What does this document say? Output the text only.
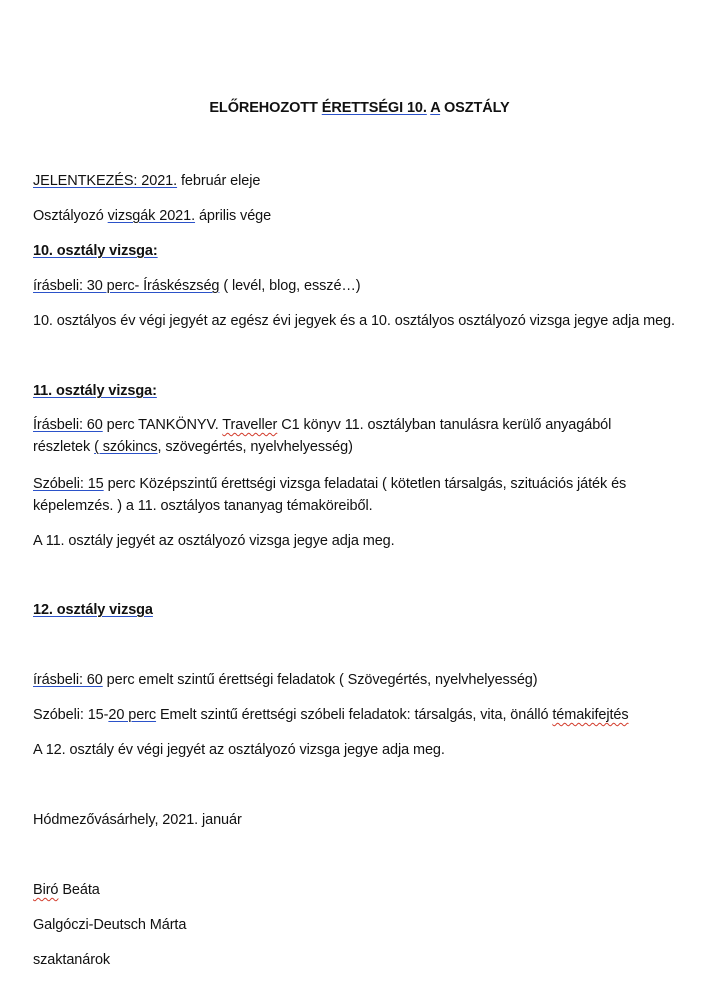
ELŐREHOZOTT ÉRETTSÉGI 10. A OSZTÁLY
JELENTKEZÉS: 2021. február eleje
Osztályozó vizsgák 2021. április vége
10. osztály vizsga:
írásbeli: 30 perc- Íráskészség ( levél, blog, esszé…)
10. osztályos év végi jegyét az egész évi jegyek és a 10. osztályos osztályozó vizsga jegye adja meg.
11. osztály vizsga:
Írásbeli: 60 perc TANKÖNYV. Traveller C1 könyv 11. osztályban tanulásra kerülő anyagából
részletek ( szókincs, szövegértés, nyelvhelyesség)
Szóbeli: 15 perc Középszintű érettségi vizsga feladatai ( kötetlen társalgás, szituációs játék és
képelemzés. ) a 11. osztályos tananyag témaköreiből.
A 11. osztály jegyét az osztályozó vizsga jegye adja meg.
12. osztály vizsga
írásbeli: 60 perc emelt szintű érettségi feladatok ( Szövegértés, nyelvhelyesség)
Szóbeli: 15-20 perc Emelt szintű érettségi szóbeli feladatok: társalgás, vita, önálló témakifejtés
A 12. osztály év végi jegyét az osztályozó vizsga jegye adja meg.
Hódmezővásárhely, 2021. január
Biró Beáta
Galgóczi-Deutsch Márta
szaktanárok
